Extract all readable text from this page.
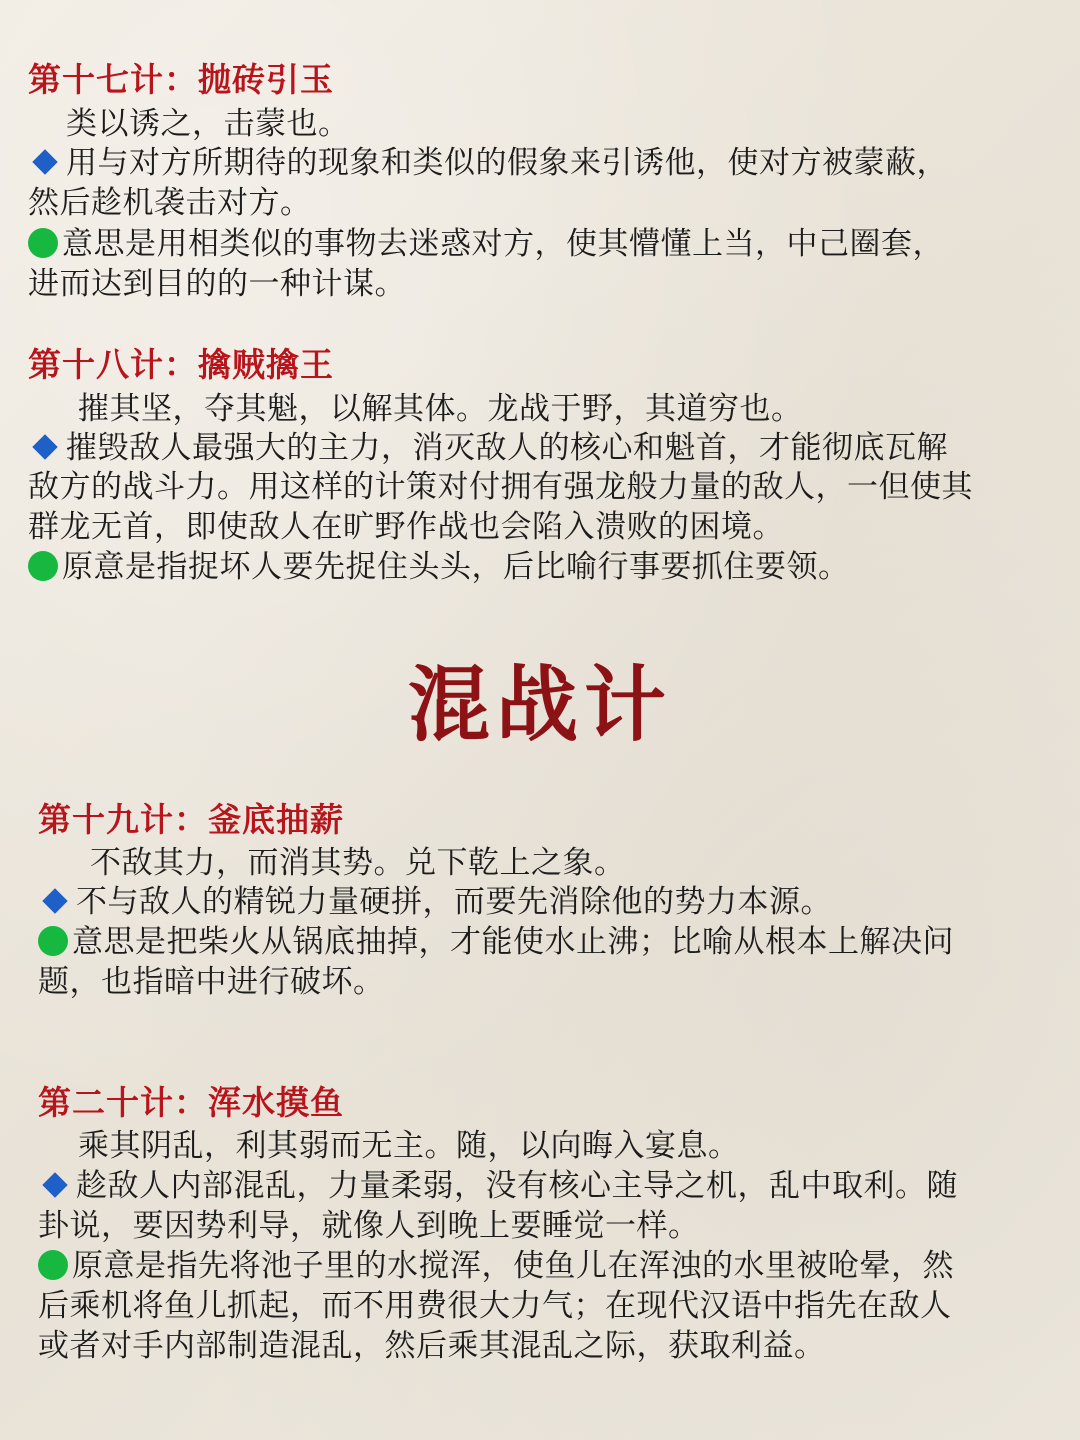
第十七计：抛砖引玉
类以诱之，击蒙也。
用与对方所期待的现象和类似的假象来引诱他，使对方被蒙蔽，
然后趁机袭击对方。
意思是用相类似的事物去迷惑对方，使其懵懂上当，中己圈套，
进而达到目的的一种计谋。
第十八计：擒贼擒王
摧其坚，夺其魁，以解其体。龙战于野，其道穷也。
摧毁敌人最强大的主力，消灭敌人的核心和魁首，才能彻底瓦解
敌方的战斗力。用这样的计策对付拥有强龙般力量的敌人，一但使其
群龙无首，即使敌人在旷野作战也会陷入溃败的困境。
原意是指捉坏人要先捉住头头，后比喻行事要抓住要领。
混战计
第十九计：釜底抽薪
不敌其力，而消其势。兑下乾上之象。
不与敌人的精锐力量硬拼，而要先消除他的势力本源。
意思是把柴火从锅底抽掉，才能使水止沸；比喻从根本上解决问
题，也指暗中进行破坏。
第二十计：浑水摸鱼
乘其阴乱，利其弱而无主。随，以向晦入宴息。
趁敌人内部混乱，力量柔弱，没有核心主导之机，乱中取利。随
卦说，要因势利导，就像人到晚上要睡觉一样。
原意是指先将池子里的水搅浑，使鱼儿在浑浊的水里被呛晕，然
后乘机将鱼儿抓起，而不用费很大力气；在现代汉语中指先在敌人
或者对手内部制造混乱，然后乘其混乱之际，获取利益。
